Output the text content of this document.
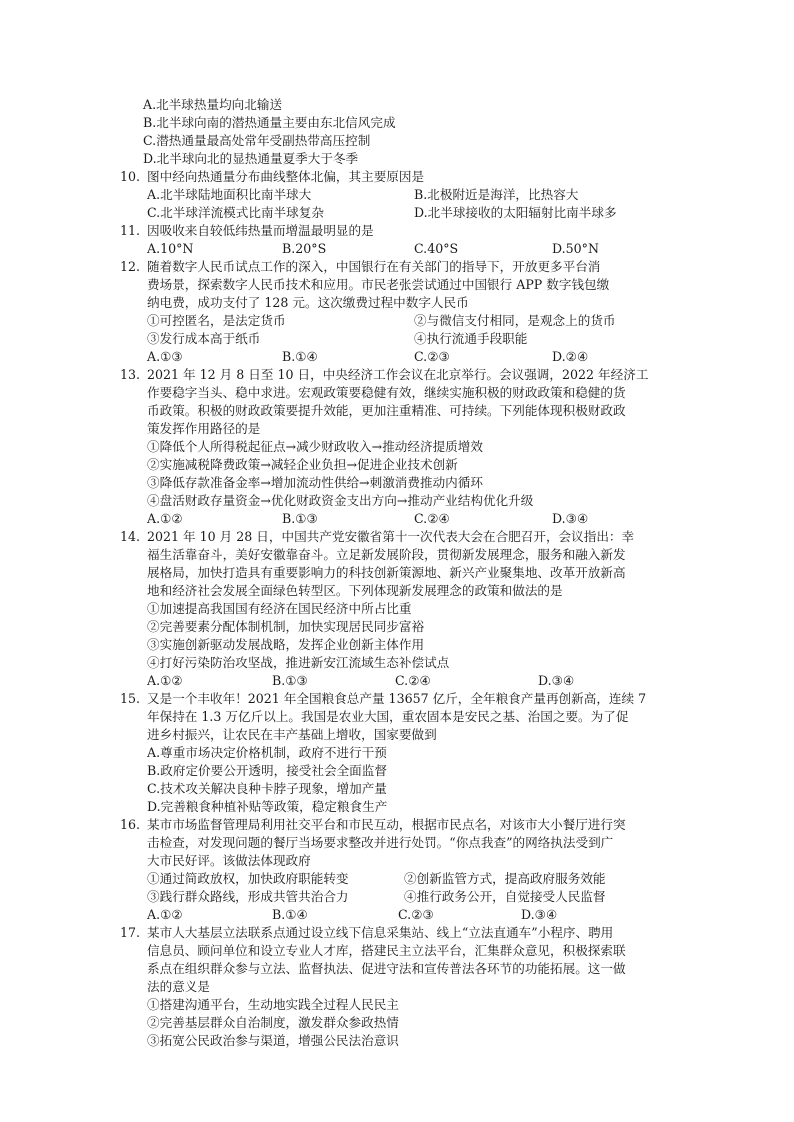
A.北半球热量均向北输送
B.北半球向南的潜热通量主要由东北信风完成
C.潜热通量最高处常年受副热带高压控制
D.北半球向北的显热通量夏季大于冬季
10. 图中经向热通量分布曲线整体北偏，其主要原因是
A.北半球陆地面积比南半球大	B.北极附近是海洋，比热容大
C.北半球洋流模式比南半球复杂	D.北半球接收的太阳辐射比南半球多
11. 因吸收来自较低纬热量而增温最明显的是
A.10°N	B.20°S	C.40°S	D.50°N
12. 随着数字人民币试点工作的深入，中国银行在有关部门的指导下，开放更多平台消
费场景，探索数字人民币技术和应用。市民老张尝试通过中国银行 APP 数字钱包缴
纳电费，成功支付了 128 元。这次缴费过程中数字人民币
①可控匿名，是法定货币	②与微信支付相同，是观念上的货币
③发行成本高于纸币	④执行流通手段职能
A.①③	B.①④	C.②③	D.②④
13. 2021 年 12 月 8 日至 10 日，中央经济工作会议在北京举行。会议强调，2022 年经济工
作要稳字当头、稳中求进。宏观政策要稳健有效，继续实施积极的财政政策和稳健的货
币政策。积极的财政政策要提升效能，更加注重精准、可持续。下列能体现积极财政政
策发挥作用路径的是
①降低个人所得税起征点→减少财政收入→推动经济提质增效
②实施减税降费政策→减轻企业负担→促进企业技术创新
③降低存款准备金率→增加流动性供给→刺激消费推动内循环
④盘活财政存量资金→优化财政资金支出方向→推动产业结构优化升级
A.①②	B.①③	C.②④	D.③④
14. 2021 年 10 月 28 日，中国共产党安徽省第十一次代表大会在合肥召开，会议指出：幸
福生活靠奋斗，美好安徽靠奋斗。立足新发展阶段，贯彻新发展理念，服务和融入新发
展格局，加快打造具有重要影响力的科技创新策源地、新兴产业聚集地、改革开放新高
地和经济社会发展全面绿色转型区。下列体现新发展理念的政策和做法的是
①加速提高我国国有经济在国民经济中所占比重
②完善要素分配体制机制，加快实现居民同步富裕
③实施创新驱动发展战略，发挥企业创新主体作用
④打好污染防治攻坚战，推进新安江流域生态补偿试点
A.①②	B.①③	C.②④	D.③④
15. 又是一个丰收年！2021 年全国粮食总产量 13657 亿斤，全年粮食产量再创新高，连续 7
年保持在 1.3 万亿斤以上。我国是农业大国，重农固本是安民之基、治国之要。为了促
进乡村振兴，让农民在丰产基础上增收，国家要做到
A.尊重市场决定价格机制，政府不进行干预
B.政府定价要公开透明，接受社会全面监督
C.技术攻关解决良种卡脖子现象，增加产量
D.完善粮食种植补贴等政策，稳定粮食生产
16. 某市市场监督管理局利用社交平台和市民互动，根据市民点名，对该市大小餐厅进行突
击检查，对发现问题的餐厅当场要求整改并进行处罚。“你点我查”的网络执法受到广
大市民好评。该做法体现政府
①通过简政放权，加快政府职能转变	②创新监管方式，提高政府服务效能
③践行群众路线，形成共管共治合力	④推行政务公开，自觉接受人民监督
A.①②	B.①④	C.②③	D.③④
17. 某市人大基层立法联系点通过设立线下信息采集站、线上“立法直通车”小程序、聘用
信息员、顾问单位和设立专业人才库，搭建民主立法平台，汇集群众意见，积极探索联
系点在组织群众参与立法、监督执法、促进守法和宣传普法各环节的功能拓展。这一做
法的意义是
①搭建沟通平台，生动地实践全过程人民民主
②完善基层群众自治制度，激发群众参政热情
③拓宽公民政治参与渠道，增强公民法治意识
